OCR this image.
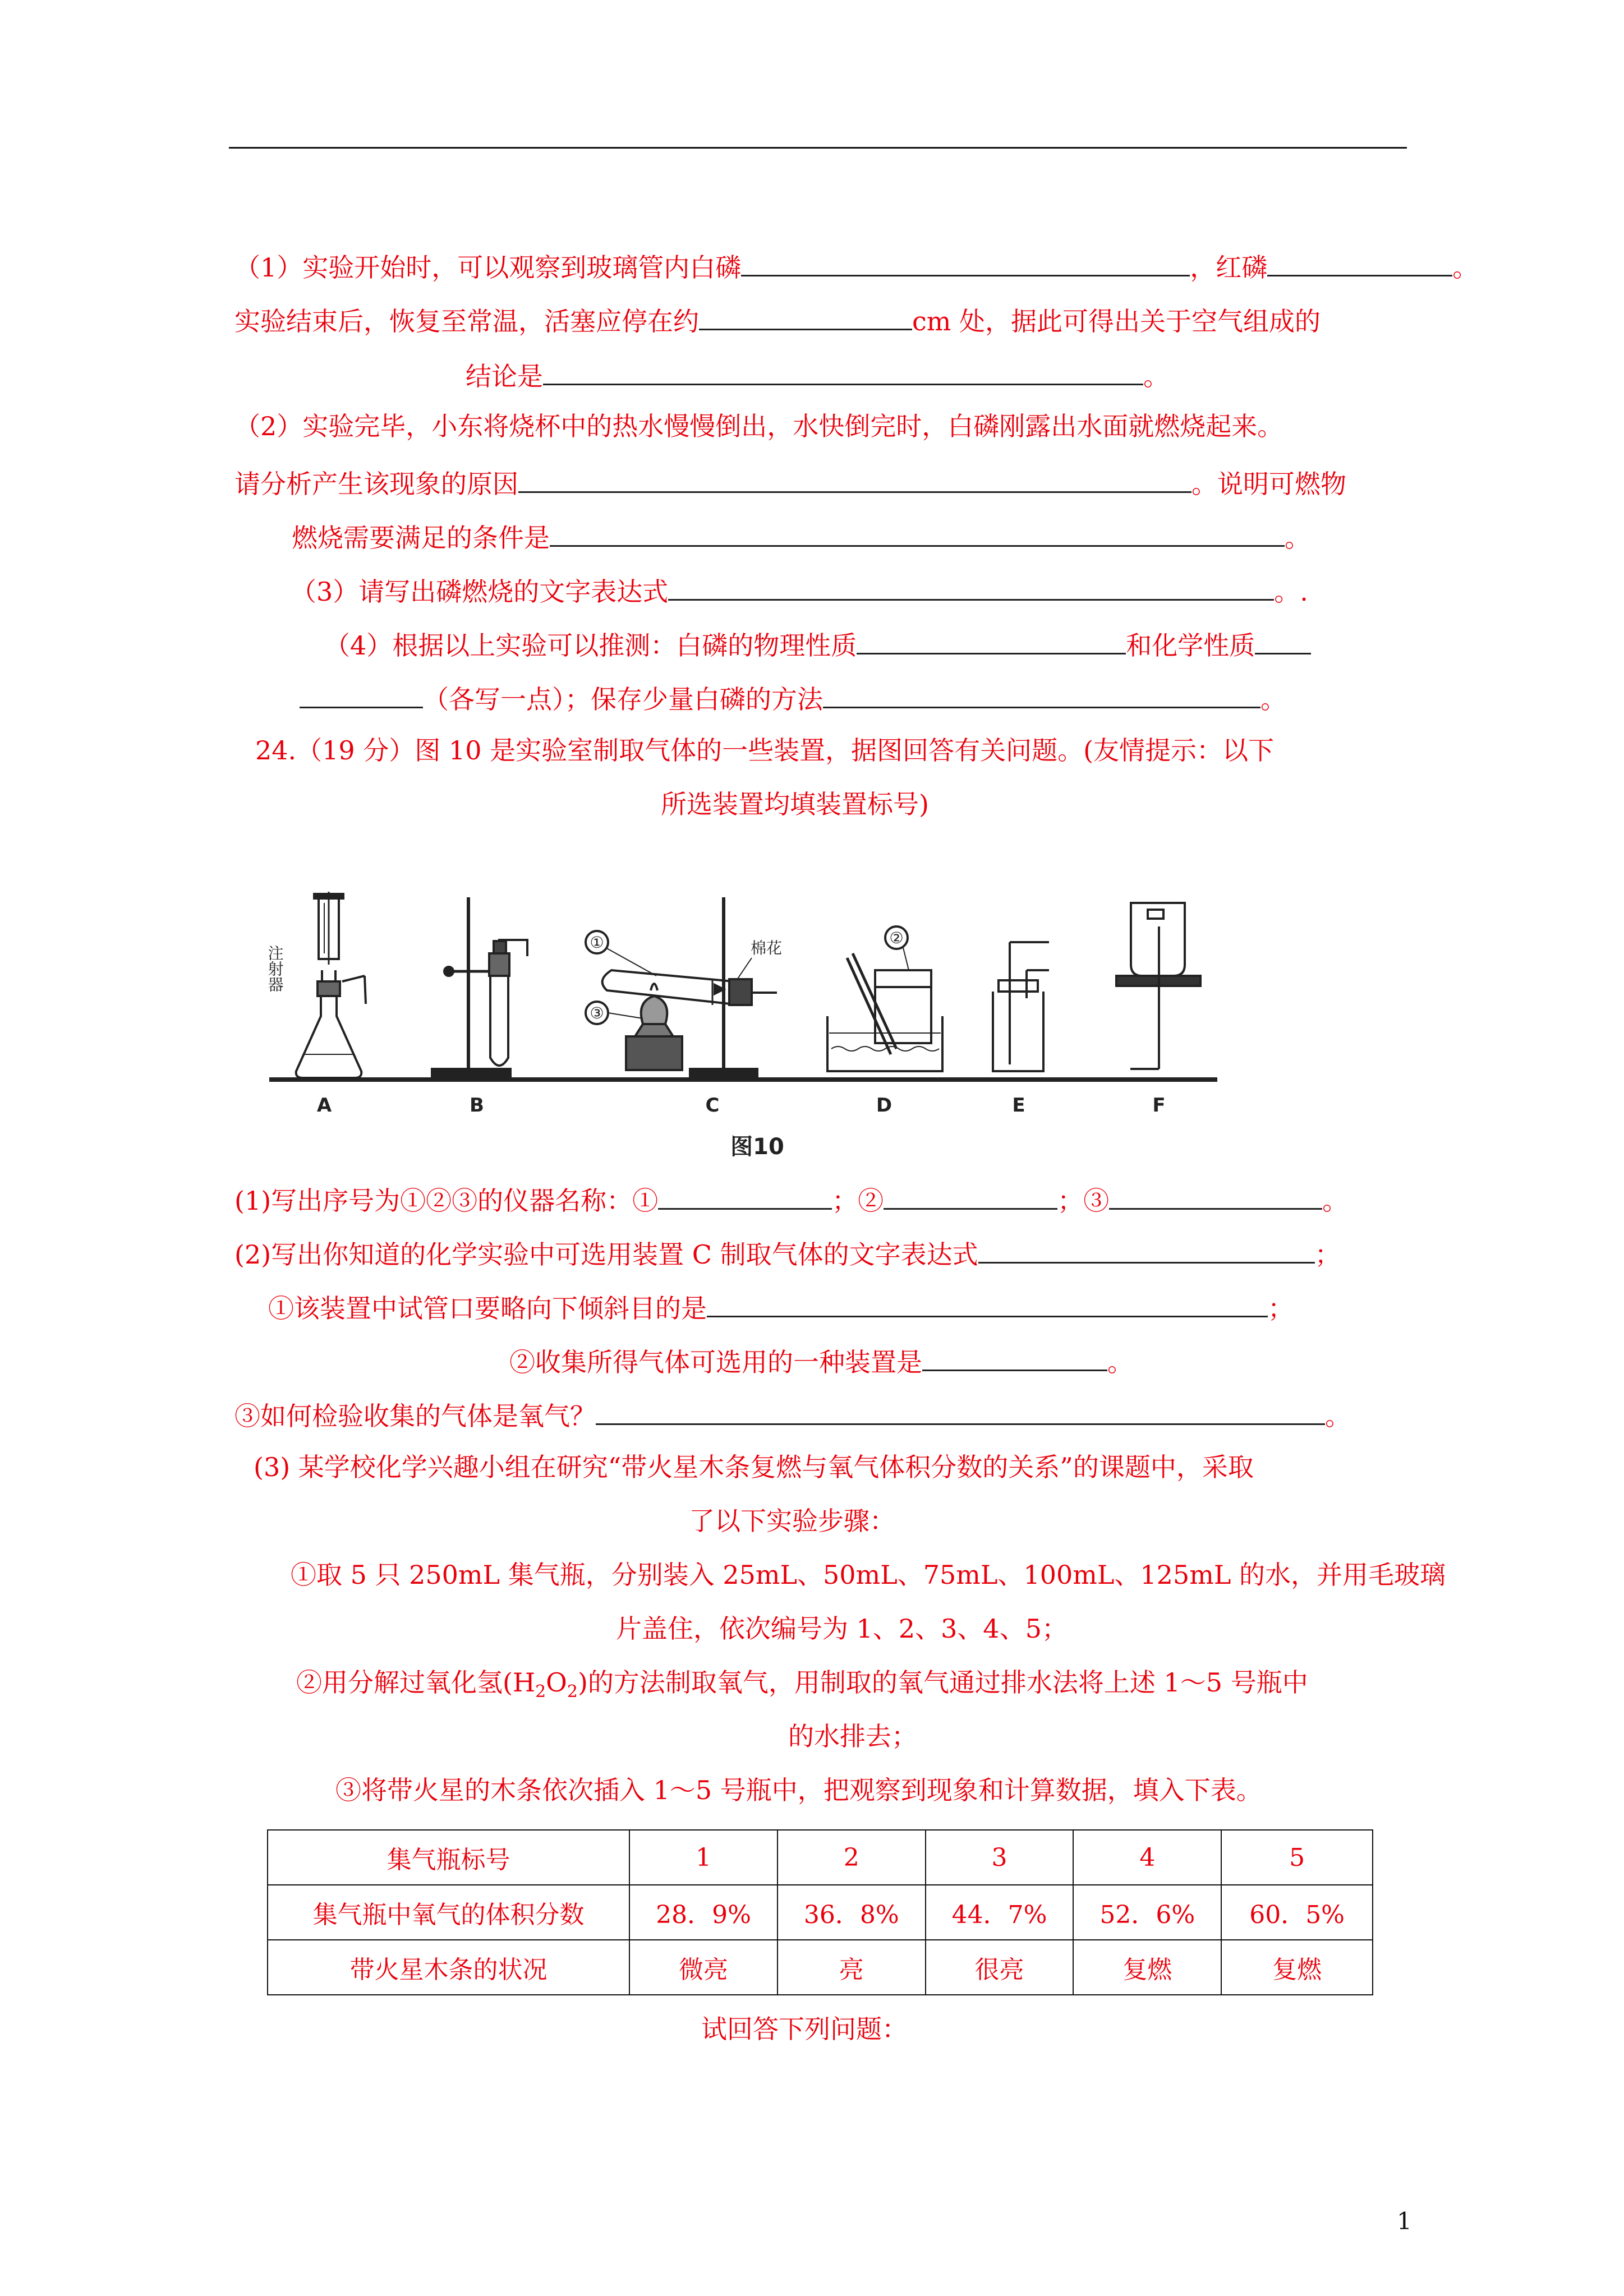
（1）实验开始时，可以观察到玻璃管内白磷	，红磷	。
实验结束后，恢复至常温，活塞应停在约	cm 处，据此可得出关于空气组成的
结论是	。
（2）实验完毕，小东将烧杯中的热水慢慢倒出，水快倒完时，白磷刚露出水面就燃烧起来。
请分析产生该现象的原因	。说明可燃物
燃烧需要满足的条件是	。
（3）请写出磷燃烧的文字表达式	。.
（4）根据以上实验可以推测：白磷的物理性质	和化学性质
（各写一点）；保存少量白磷的方法	。
24.（19 分）图 10 是实验室制取气体的一些装置，据图回答有关问题。(友情提示：以下
所选装置均填装置标号)
注射器
①	棉花
③
②
A	B	C	D	E	F
图10
(1)写出序号为①②③的仪器名称：①	；②	；③	。
(2)写出你知道的化学实验中可选用装置 C 制取气体的文字表达式	；
①该装置中试管口要略向下倾斜目的是	；
②收集所得气体可选用的一种装置是	。
③如何检验收集的气体是氧气？	。
(3) 某学校化学兴趣小组在研究“带火星木条复燃与氧气体积分数的关系”的课题中，采取
了以下实验步骤：
①取 5 只 250mL 集气瓶，分别装入 25mL、50mL、75mL、100mL、125mL 的水，并用毛玻璃
片盖住，依次编号为 1、2、3、4、5；
②用分解过氧化氢$(H_2O_2)$的方法制取氧气，用制取的氧气通过排水法将上述 1～5 号瓶中
的水排去；
③将带火星的木条依次插入 1～5 号瓶中，把观察到现象和计算数据，填入下表。
集气瓶标号	1	2	3	4	5
集气瓶中氧气的体积分数	28．9%	36．8%	44．7%	52．6%	60．5%
带火星木条的状况	微亮	亮	很亮	复燃	复燃
试回答下列问题：
1
